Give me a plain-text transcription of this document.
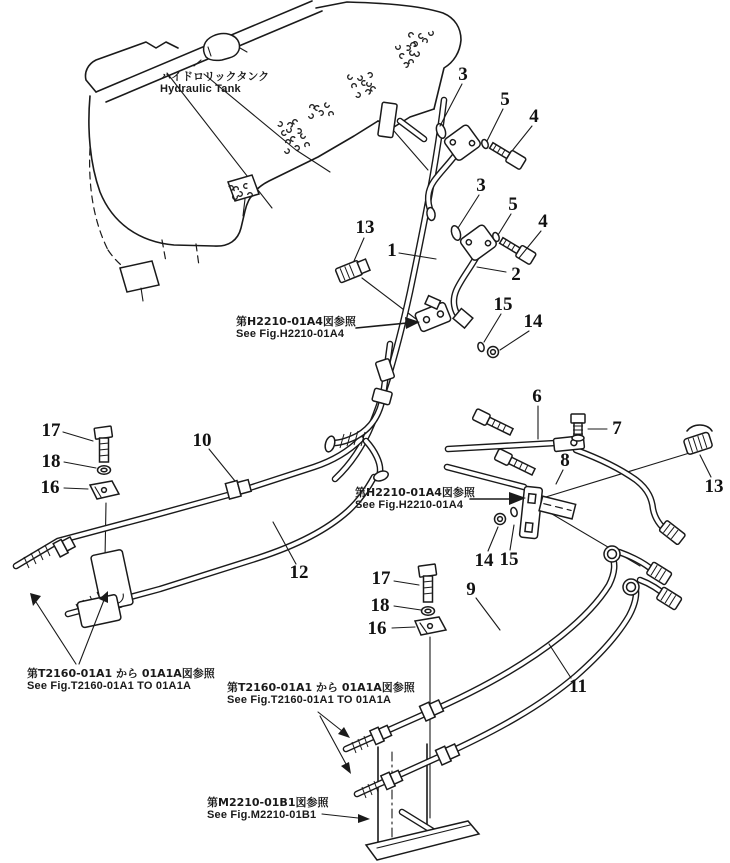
3
5
4
3
5
4
13
1
2
15
14
6
7
8
13
17
18
16
10
12	17
18
16
14 15
9
11
ハイドロリックタンク
Hydraulic Tank
第H2210-01A4図参照
See Fig.H2210-01A4
第H2210-01A4図参照
See Fig.H2210-01A4
第T2160-01A1 から 01A1A図参照
See Fig.T2160-01A1 TO 01A1A	第T2160-01A1 から 01A1A図参照
See Fig.T2160-01A1 TO 01A1A
第M2210-01B1図参照
See Fig.M2210-01B1
